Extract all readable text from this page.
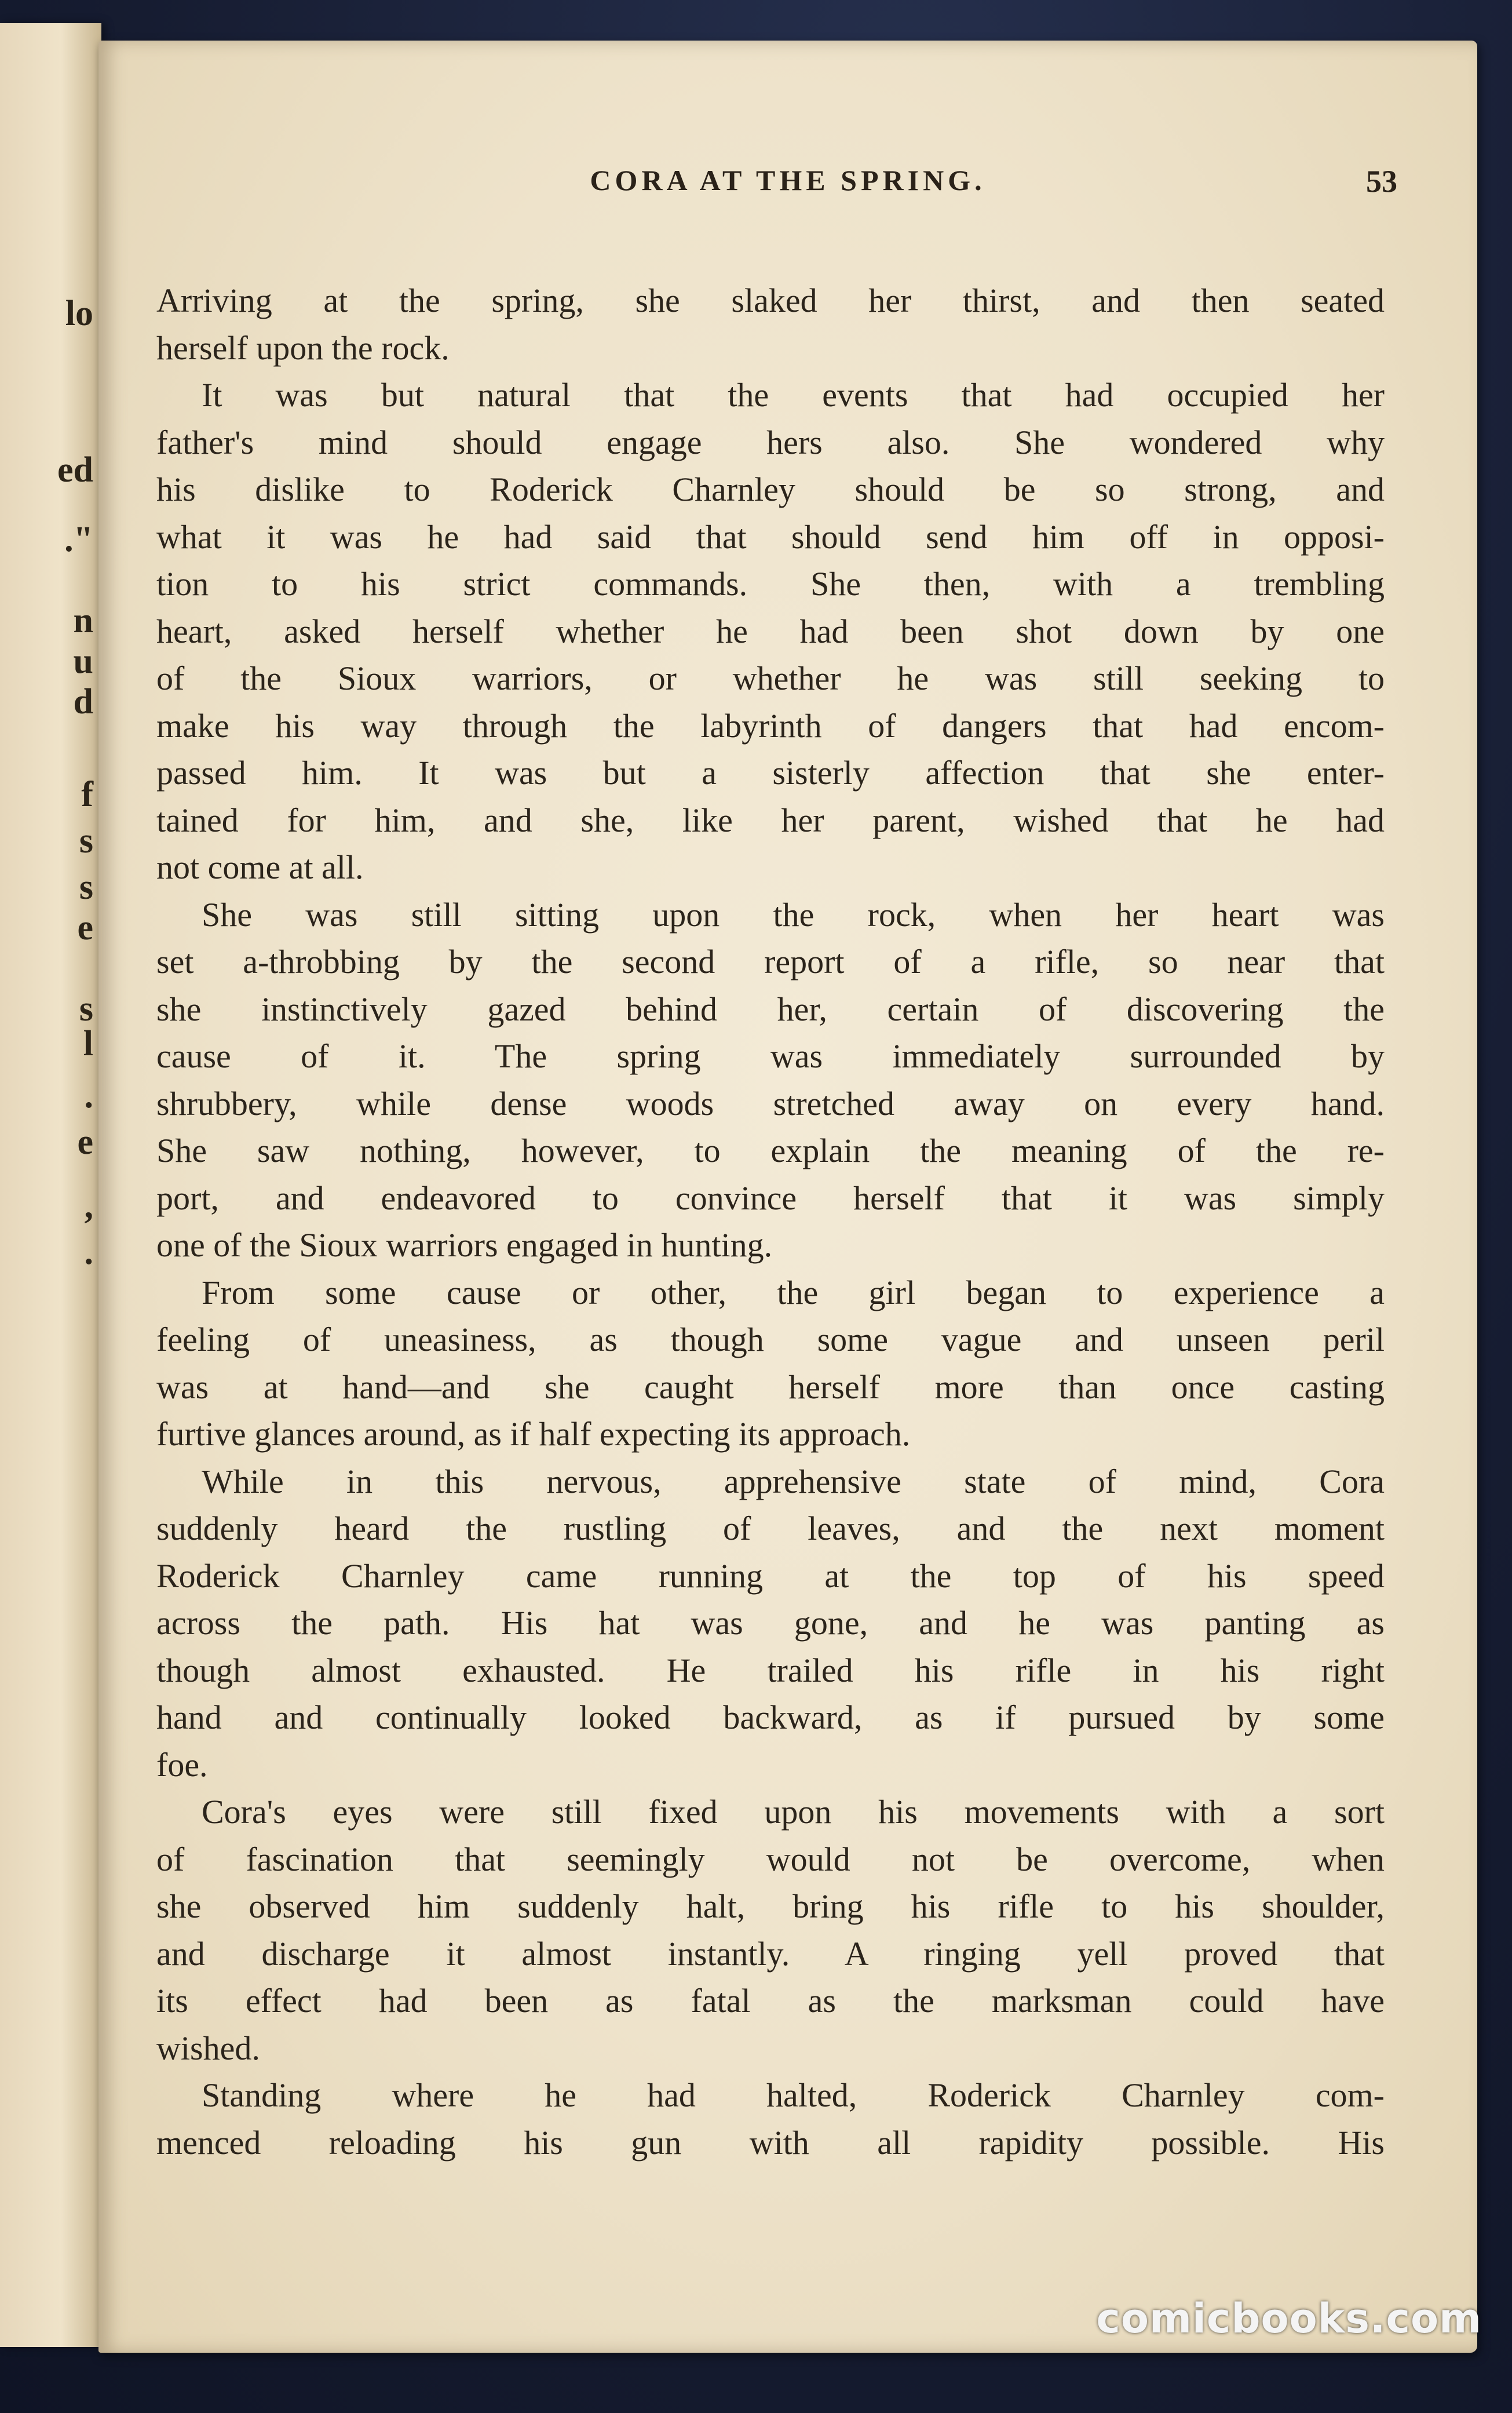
lo
ed
."
n
u
d
f
s
s
e
s
l
.
e
,
.
CORA AT THE SPRING.	53
Arriving at the spring, she slaked her thirst, and then seated
herself upon the rock.
It was but natural that the events that had occupied her
father's mind should engage hers also. She wondered why
his dislike to Roderick Charnley should be so strong, and
what it was he had said that should send him off in opposi-
tion to his strict commands. She then, with a trembling
heart, asked herself whether he had been shot down by one
of the Sioux warriors, or whether he was still seeking to
make his way through the labyrinth of dangers that had encom-
passed him. It was but a sisterly affection that she enter-
tained for him, and she, like her parent, wished that he had
not come at all.
She was still sitting upon the rock, when her heart was
set a-throbbing by the second report of a rifle, so near that
she instinctively gazed behind her, certain of discovering the
cause of it. The spring was immediately surrounded by
shrubbery, while dense woods stretched away on every hand.
She saw nothing, however, to explain the meaning of the re-
port, and endeavored to convince herself that it was simply
one of the Sioux warriors engaged in hunting.
From some cause or other, the girl began to experience a
feeling of uneasiness, as though some vague and unseen peril
was at hand—and she caught herself more than once casting
furtive glances around, as if half expecting its approach.
While in this nervous, apprehensive state of mind, Cora
suddenly heard the rustling of leaves, and the next moment
Roderick Charnley came running at the top of his speed
across the path. His hat was gone, and he was panting as
though almost exhausted. He trailed his rifle in his right
hand and continually looked backward, as if pursued by some
foe.
Cora's eyes were still fixed upon his movements with a sort
of fascination that seemingly would not be overcome, when
she observed him suddenly halt, bring his rifle to his shoulder,
and discharge it almost instantly. A ringing yell proved that
its effect had been as fatal as the marksman could have
wished.
Standing where he had halted, Roderick Charnley com-
menced reloading his gun with all rapidity possible. His
comicbooks.com
